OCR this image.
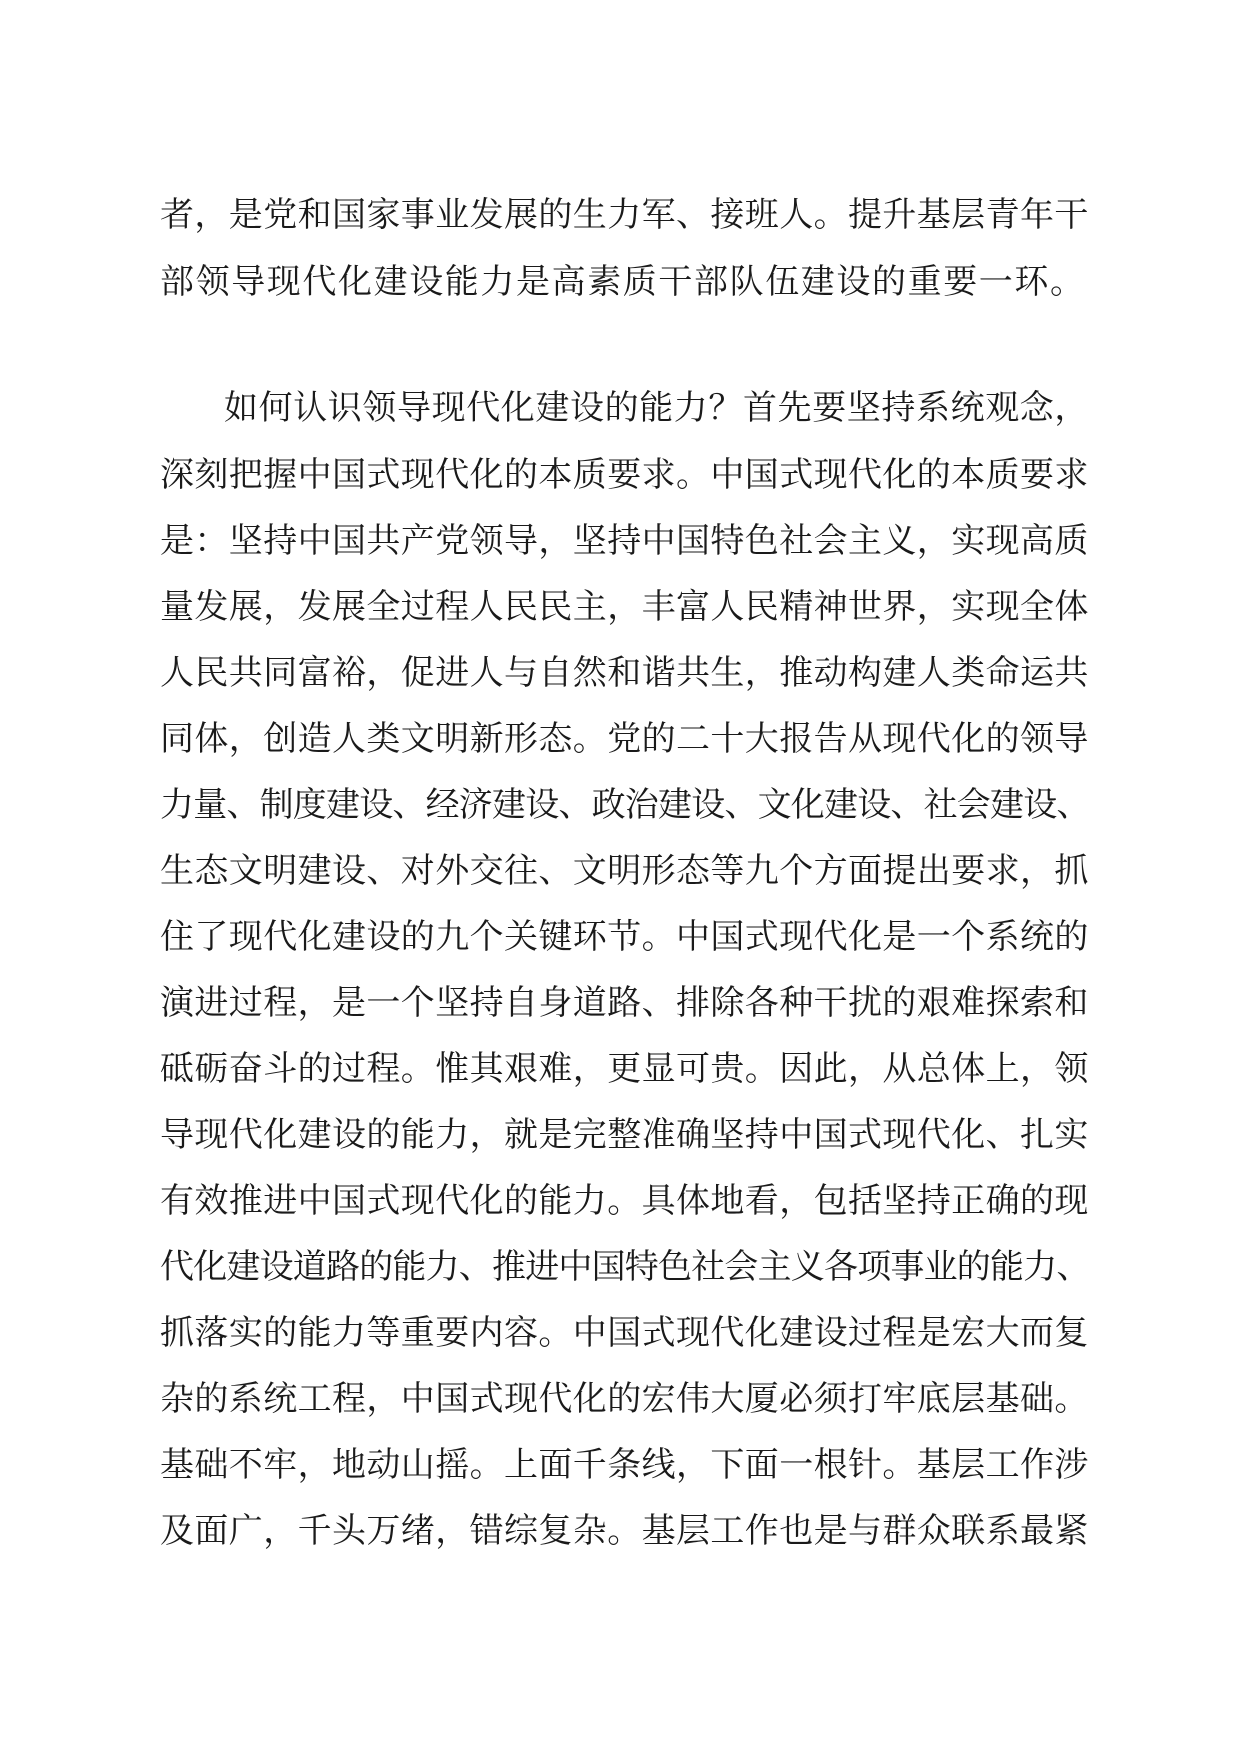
者，是党和国家事业发展的生力军、接班人。提升基层青年干
部领导现代化建设能力是高素质干部队伍建设的重要一环。
如何认识领导现代化建设的能力？首先要坚持系统观念，
深刻把握中国式现代化的本质要求。中国式现代化的本质要求
是：坚持中国共产党领导，坚持中国特色社会主义，实现高质
量发展，发展全过程人民民主，丰富人民精神世界，实现全体
人民共同富裕，促进人与自然和谐共生，推动构建人类命运共
同体，创造人类文明新形态。党的二十大报告从现代化的领导
力量、制度建设、经济建设、政治建设、文化建设、社会建设、
生态文明建设、对外交往、文明形态等九个方面提出要求，抓
住了现代化建设的九个关键环节。中国式现代化是一个系统的
演进过程，是一个坚持自身道路、排除各种干扰的艰难探索和
砥砺奋斗的过程。惟其艰难，更显可贵。因此，从总体上，领
导现代化建设的能力，就是完整准确坚持中国式现代化、扎实
有效推进中国式现代化的能力。具体地看，包括坚持正确的现
代化建设道路的能力、推进中国特色社会主义各项事业的能力、
抓落实的能力等重要内容。中国式现代化建设过程是宏大而复
杂的系统工程，中国式现代化的宏伟大厦必须打牢底层基础。
基础不牢，地动山摇。上面千条线，下面一根针。基层工作涉
及面广，千头万绪，错综复杂。基层工作也是与群众联系最紧
